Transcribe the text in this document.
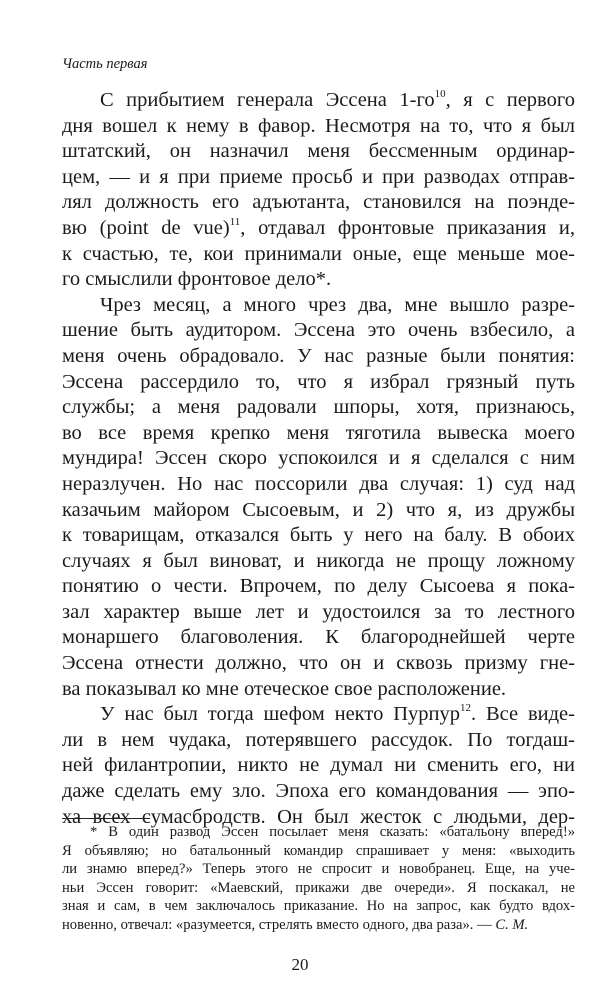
Часть первая
С прибытием генерала Эссена $1-го^{10}$, я с первого
дня вошел к нему в фавор. Несмотря на то, что я был
штатский, он назначил меня бессменным ординар-
цем, — и я при приеме просьб и при разводах отправ-
лял должность его адъютанта, становился на поэнде-
вю (point de vue)$^{11}$, отдавал фронтовые приказания и,
к счастью, те, кои принимали оные, еще меньше мое-
го смыслили фронтовое дело*.
Чрез месяц, а много чрез два, мне вышло разре-
шение быть аудитором. Эссена это очень взбесило, а
меня очень обрадовало. У нас разные были понятия:
Эссена рассердило то, что я избрал грязный путь
службы; а меня радовали шпоры, хотя, признаюсь,
во все время крепко меня тяготила вывеска моего
мундира! Эссен скоро успокоился и я сделался с ним
неразлучен. Но нас поссорили два случая: 1) суд над
казачьим майором Сысоевым, и 2) что я, из дружбы
к товарищам, отказался быть у него на балу. В обоих
случаях я был виноват, и никогда не прощу ложному
понятию о чести. Впрочем, по делу Сысоева я пока-
зал характер выше лет и удостоился за то лестного
монаршего благоволения. К благороднейшей черте
Эссена отнести должно, что он и сквозь призму гне-
ва показывал ко мне отеческое свое расположение.
У нас был тогда шефом некто Пурпур$^{12}$. Все виде-
ли в нем чудака, потерявшего рассудок. По тогдаш-
ней филантропии, никто не думал ни сменить его, ни
даже сделать ему зло. Эпоха его командования — эпо-
ха всех сумасбродств. Он был жесток с людьми, дер-
* В один развод Эссен посылает меня сказать: «батальону вперед!»
Я объявляю; но батальонный командир спрашивает у меня: «выходить
ли знамю вперед?» Теперь этого не спросит и новобранец. Еще, на уче-
ньи Эссен говорит: «Маевский, прикажи две очереди». Я поскакал, не
зная и сам, в чем заключалось приказание. Но на запрос, как будто вдох-
новенно, отвечал: «разумеется, стрелять вместо одного, два раза». — С. М.
20
